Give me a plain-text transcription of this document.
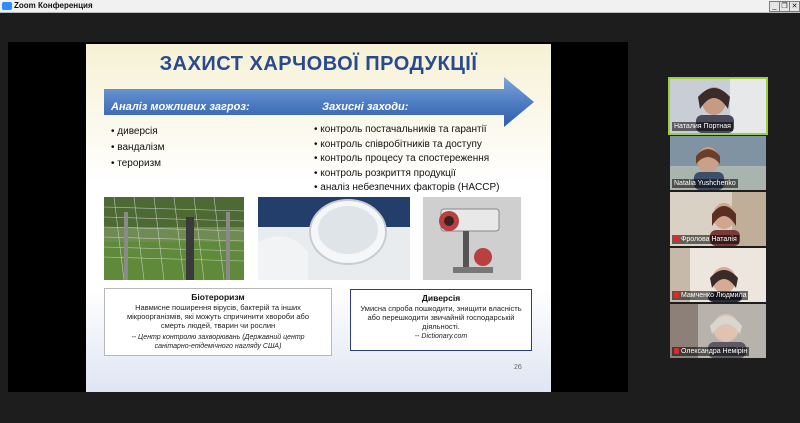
Zoom Конференция	_ ❐ ✕
ЗАХИСТ ХАРЧОВОЇ ПРОДУКЦІЇ
Аналіз можливих загроз:	Захисні заходи:
• диверсія
• вандалізм
• тероризм
• контроль постачальників та гарантії
• контроль співробітників та доступу
• контроль процесу та спостереження
• контроль розкриття продукції
• аналіз небезпечних факторів (HACCP)
Біотероризм
Навмисне поширення вірусів, бактерій та інших мікроорганізмів, які можуть спричинити хвороби або смерть людей, тварин чи рослин
-- Центр контролю захворювань (Державний центр санітарно-епідемічного нагляду США)
Диверсія
Умисна спроба пошкодити, знищити власність або перешкодити звичайній господарській діяльності.
-- Dictionary.com
26
Наталия Портная
Natalia Yushchenko
Фролова Наталія
Мамченко Людмила
Олександра Немірін
